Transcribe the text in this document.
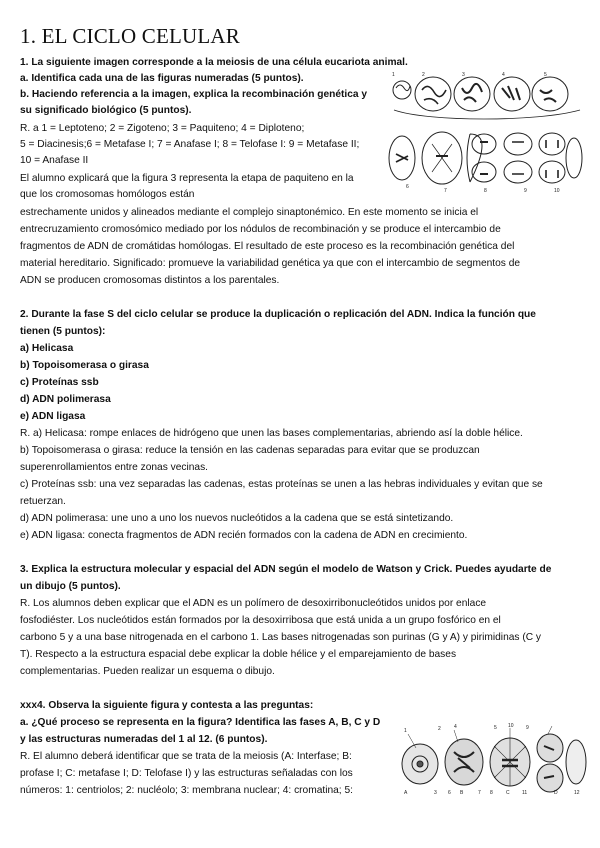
1. EL CICLO CELULAR
1. La siguiente imagen corresponde a la meiosis de una célula eucariota animal.
a. Identifica cada una de las figuras numeradas (5 puntos).
b. Haciendo referencia a la imagen, explica la recombinación genética y
su significado biológico (5 puntos).
R. a 1 = Leptoteno; 2 = Zigoteno; 3 = Paquiteno; 4 = Diploteno;
5 = Diacinesis;6 = Metafase I; 7 = Anafase I; 8 = Telofase I: 9 = Metafase II;
10 = Anafase II
El alumno explicará que la figura 3 representa la etapa de paquiteno en la
que los cromosomas homólogos están
estrechamente unidos y alineados mediante el complejo sinaptonémico. En este momento se inicia el
entrecruzamiento cromosómico mediado por los nódulos de recombinación y se produce el intercambio de
fragmentos de ADN de cromátidas homólogas. El resultado de este proceso es la recombinación genética del
material hereditario. Significado: promueve la variabilidad genética ya que con el intercambio de segmentos de
ADN se producen cromosomas distintos a los parentales.
6
7	8	9	10
1	2	3	4	5
2. Durante la fase S del ciclo celular se produce la duplicación o replicación del ADN. Indica la función que
tienen (5 puntos):
a) Helicasa
b) Topoisomerasa o girasa
c) Proteínas ssb
d) ADN polimerasa
e) ADN ligasa
R. a) Helicasa: rompe enlaces de hidrógeno que unen las bases complementarias, abriendo así la doble hélice.
b) Topoisomerasa o girasa: reduce la tensión en las cadenas separadas para evitar que se produzcan
superenrollamientos entre zonas vecinas.
c) Proteínas ssb: una vez separadas las cadenas, estas proteínas se unen a las hebras individuales y evitan que se
retuerzan.
d) ADN polimerasa: une uno a uno los nuevos nucleótidos a la cadena que se está sintetizando.
e) ADN ligasa: conecta fragmentos de ADN recién formados con la cadena de ADN en crecimiento.
3. Explica la estructura molecular y espacial del ADN según el modelo de Watson y Crick. Puedes ayudarte de
un dibujo (5 puntos).
R. Los alumnos deben explicar que el ADN es un polímero de desoxirribonucleótidos unidos por enlace
fosfodiéster. Los nucleótidos están formados por la desoxirribosa que está unida a un grupo fosfórico en el
carbono 5 y a una base nitrogenada en el carbono 1. Las bases nitrogenadas son purinas (G y A) y pirimidinas (C y
T). Respecto a la estructura espacial debe explicar la doble hélice y el emparejamiento de bases
complementarias. Pueden realizar un esquema o dibujo.
xxx4. Observa la siguiente figura y contesta a las preguntas:
a. ¿Qué proceso se representa en la figura? Identifica las fases A, B, C y D
y las estructuras numeradas del 1 al 12. (6 puntos).
R. El alumno deberá identificar que se trata de la meiosis (A: Interfase; B:
profase I; C: metafase I; D: Telofase I) y las estructuras señaladas con los
números: 1: centriolos; 2: nucléolo; 3: membrana nuclear; 4: cromatina; 5:
1	2	4	5 10 9
A	3 6 B	7 8	C 11	D	12
